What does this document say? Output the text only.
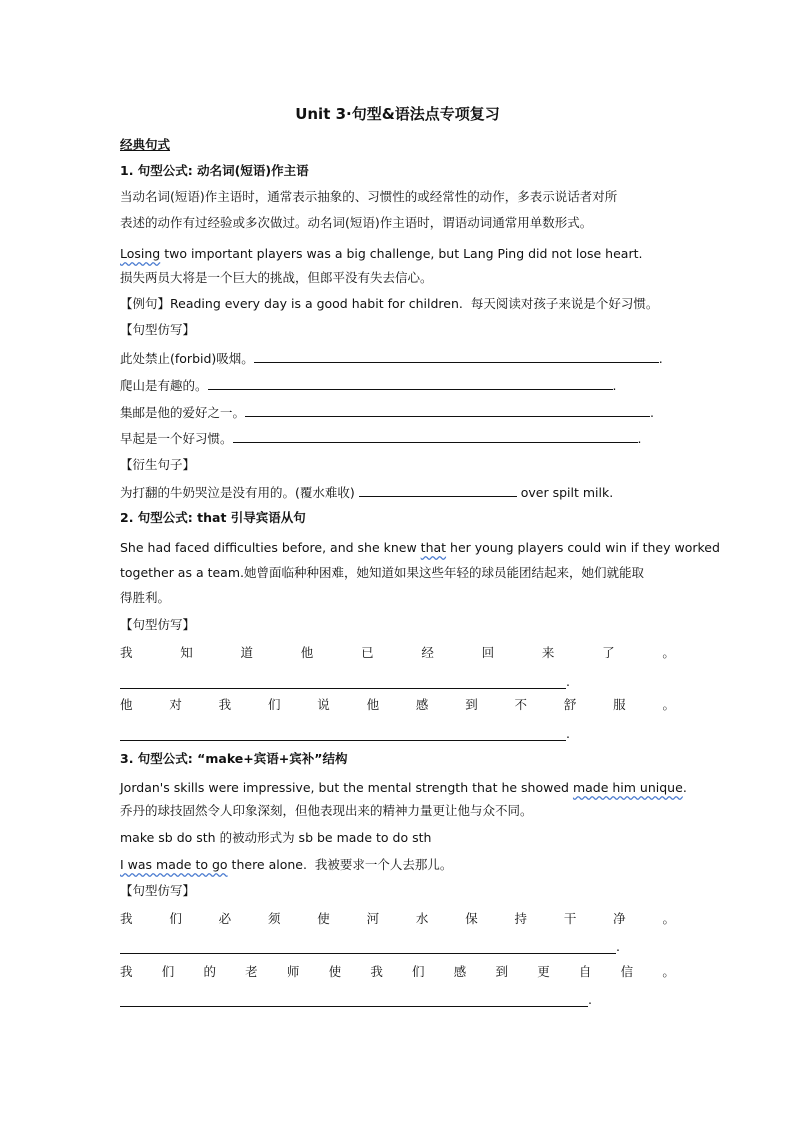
Unit 3·句型&语法点专项复习
经典句式
1. 句型公式: 动名词(短语)作主语
当动名词(短语)作主语时，通常表示抽象的、习惯性的或经常性的动作，多表示说话者对所
表述的动作有过经验或多次做过。动名词(短语)作主语时，谓语动词通常用单数形式。
Losing two important players was a big challenge, but Lang Ping did not lose heart.
损失两员大将是一个巨大的挑战，但郎平没有失去信心。
【例句】Reading every day is a good habit for children. 每天阅读对孩子来说是个好习惯。
【句型仿写】
此处禁止(forbid)吸烟。	.
爬山是有趣的。	.
集邮是他的爱好之一。	.
早起是一个好习惯。	.
【衍生句子】
为打翻的牛奶哭泣是没有用的。(覆水难收)	over spilt milk.
2. 句型公式: that 引导宾语从句
She had faced difficulties before, and she knew that her young players could win if they worked
together as a team.她曾面临种种困难，她知道如果这些年轻的球员能团结起来，她们就能取
得胜利。
【句型仿写】
我	知	道	他	已	经	回	来	了	。
.
他	对	我	们	说	他	感	到	不	舒	服	。
.
3. 句型公式: “make+宾语+宾补”结构
Jordan's skills were impressive, but the mental strength that he showed made him unique.
乔丹的球技固然令人印象深刻，但他表现出来的精神力量更让他与众不同。
make sb do sth 的被动形式为 sb be made to do sth
I was made to go there alone. 我被要求一个人去那儿。
【句型仿写】
我	们	必	须	使	河	水	保	持	干	净	。
.
我 们 的 老 师 使 我 们 感 到 更 自 信 。
.
